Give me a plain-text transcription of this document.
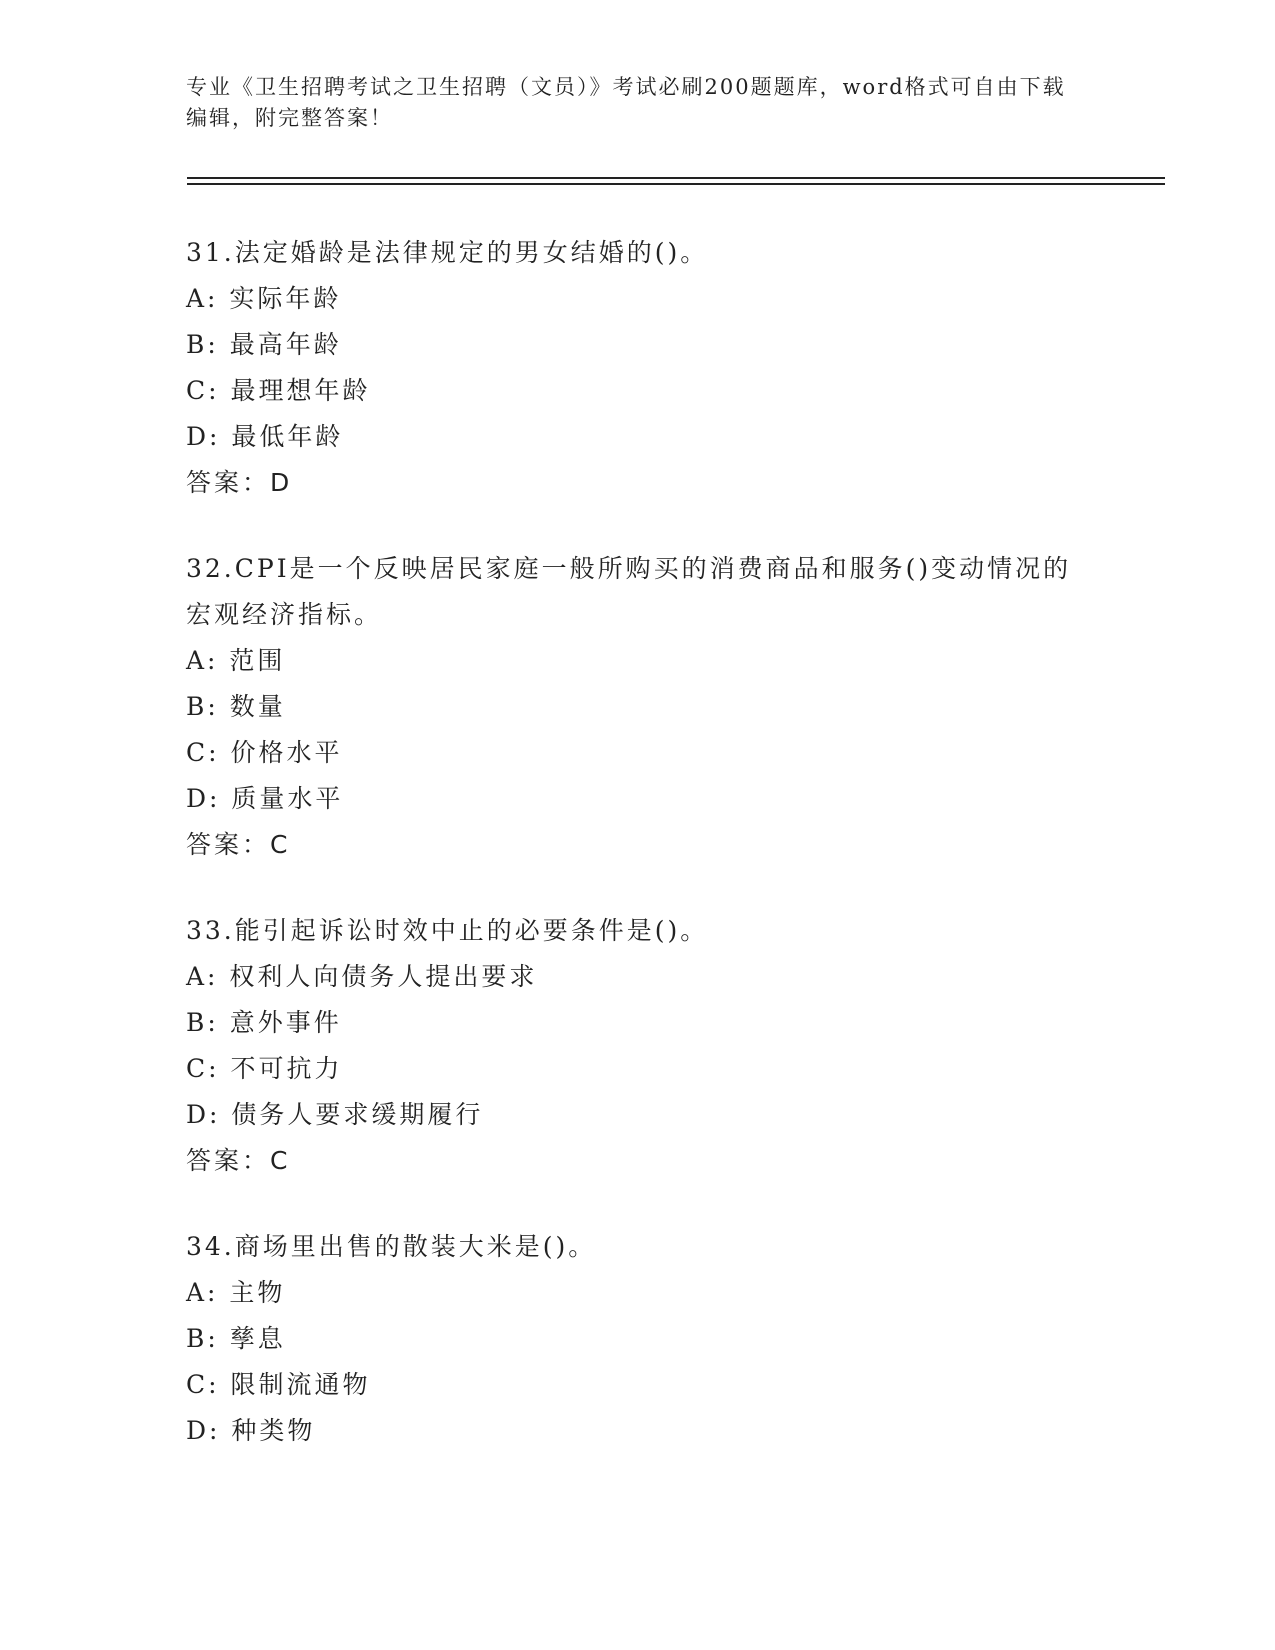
专业《卫生招聘考试之卫生招聘（文员）》考试必刷200题题库，word格式可自由下载编辑，附完整答案！
31.法定婚龄是法律规定的男女结婚的()。
A: 实际年龄
B: 最高年龄
C: 最理想年龄
D: 最低年龄
答案：D
32.CPI是一个反映居民家庭一般所购买的消费商品和服务()变动情况的宏观经济指标。
A: 范围
B: 数量
C: 价格水平
D: 质量水平
答案：C
33.能引起诉讼时效中止的必要条件是()。
A: 权利人向债务人提出要求
B: 意外事件
C: 不可抗力
D: 债务人要求缓期履行
答案：C
34.商场里出售的散装大米是()。
A: 主物
B: 孳息
C: 限制流通物
D: 种类物
